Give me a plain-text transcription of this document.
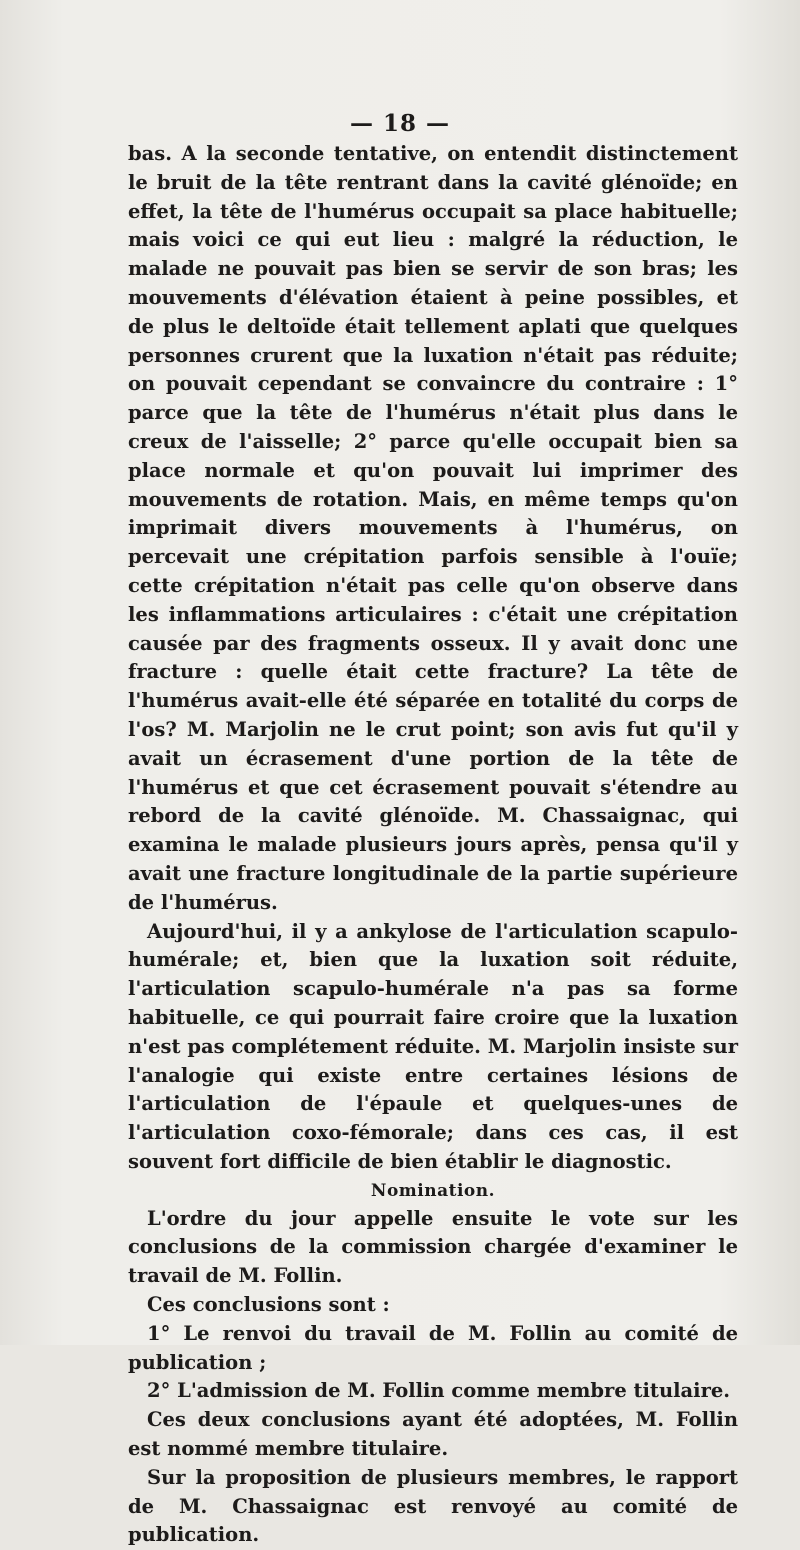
— 18 —

bas. A la seconde tentative, on entendit distinctement le bruit de la tête rentrant dans la cavité glénoïde; en effet, la tête de l'humérus occupait sa place habituelle; mais voici ce qui eut lieu : malgré la réduction, le malade ne pouvait pas bien se servir de son bras; les mouvements d'élévation étaient à peine possibles, et de plus le deltoïde était tellement aplati que quelques personnes crurent que la luxation n'était pas réduite; on pouvait cependant se convaincre du contraire : 1° parce que la tête de l'humérus n'était plus dans le creux de l'aisselle; 2° parce qu'elle occupait bien sa place normale et qu'on pouvait lui imprimer des mouvements de rotation. Mais, en même temps qu'on imprimait divers mouvements à l'humérus, on percevait une crépitation parfois sensible à l'ouïe; cette crépitation n'était pas celle qu'on observe dans les inflammations articulaires : c'était une crépitation causée par des fragments osseux. Il y avait donc une fracture : quelle était cette fracture? La tête de l'humérus avait-elle été séparée en totalité du corps de l'os? M. Marjolin ne le crut point; son avis fut qu'il y avait un écrasement d'une portion de la tête de l'humérus et que cet écrasement pouvait s'étendre au rebord de la cavité glénoïde. M. Chassaignac, qui examina le malade plusieurs jours après, pensa qu'il y avait une fracture longitudinale de la partie supérieure de l'humérus.

Aujourd'hui, il y a ankylose de l'articulation scapulo-humérale; et, bien que la luxation soit réduite, l'articulation scapulo-humérale n'a pas sa forme habituelle, ce qui pourrait faire croire que la luxation n'est pas complétement réduite. M. Marjolin insiste sur l'analogie qui existe entre certaines lésions de l'articulation de l'épaule et quelques-unes de l'articulation coxo-fémorale; dans ces cas, il est souvent fort difficile de bien établir le diagnostic.

Nomination.

L'ordre du jour appelle ensuite le vote sur les conclusions de la commission chargée d'examiner le travail de M. Follin.

Ces conclusions sont :

1° Le renvoi du travail de M. Follin au comité de publication ;

2° L'admission de M. Follin comme membre titulaire.

Ces deux conclusions ayant été adoptées, M. Follin est nommé membre titulaire.

Sur la proposition de plusieurs membres, le rapport de M. Chassaignac est renvoyé au comité de publication.
